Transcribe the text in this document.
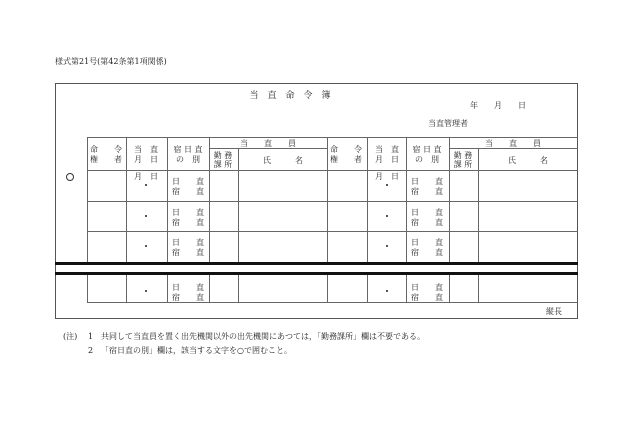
様式第21号(第42条第1項関係)
当　直　命　令　簿
年　　月　　日
当直管理者
命　　令
権　　者
当　直
月　日
宿 日 直
の　別
当　　直　　員
勤 務
課 所	氏　　　名
命　　令
権　　者
当　直
月　日
宿 日 直
の　別
当　　直　　員
勤 務
課 所	氏　　　名
月　日
日　　直
宿　　直
日　　直
宿　　直
日　　直
宿　　直
日　　直
宿　　直
月　日
日　　直
宿　　直
日　　直
宿　　直
日　　直
宿　　直
日　　直
宿　　直
縦長
(注) 1 共同して当直員を置く出先機関以外の出先機関にあつては，「勤務課所」欄は不要である。
2 「宿日直の別」欄は，該当する文字を○で囲むこと。
